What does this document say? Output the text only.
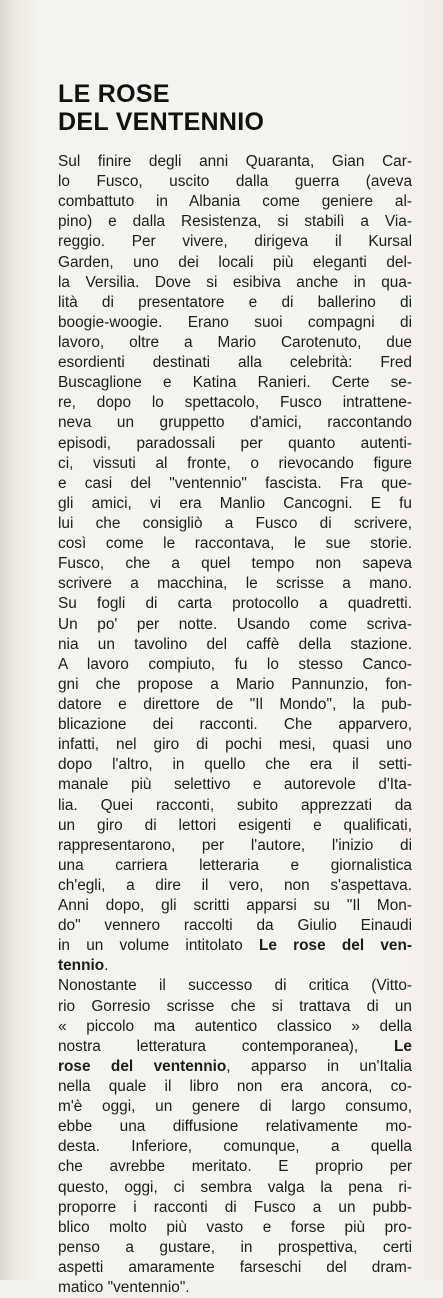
LE ROSE
DEL VENTENNIO
Sul finire degli anni Quaranta, Gian Car-
lo Fusco, uscito dalla guerra (aveva
combattuto in Albania come geniere al-
pino) e dalla Resistenza, si stabilì a Via-
reggio. Per vivere, dirigeva il Kursal
Garden, uno dei locali più eleganti del-
la Versilia. Dove si esibiva anche in qua-
lità di presentatore e di ballerino di
boogie-woogie. Erano suoi compagni di
lavoro, oltre a Mario Carotenuto, due
esordienti destinati alla celebrità: Fred
Buscaglione e Katina Ranieri. Certe se-
re, dopo lo spettacolo, Fusco intrattene-
neva un gruppetto d'amici, raccontando
episodi, paradossali per quanto autenti-
ci, vissuti al fronte, o rievocando figure
e casi del "ventennio" fascista. Fra que-
gli amici, vi era Manlio Cancogni. E fu
lui che consigliò a Fusco di scrivere,
così come le raccontava, le sue storie.
Fusco, che a quel tempo non sapeva
scrivere a macchina, le scrisse a mano.
Su fogli di carta protocollo a quadretti.
Un po' per notte. Usando come scriva-
nia un tavolino del caffè della stazione.
A lavoro compiuto, fu lo stesso Canco-
gni che propose a Mario Pannunzio, fon-
datore e direttore de "Il Mondo", la pub-
blicazione dei racconti. Che apparvero,
infatti, nel giro di pochi mesi, quasi uno
dopo l'altro, in quello che era il setti-
manale più selettivo e autorevole d'Ita-
lia. Quei racconti, subito apprezzati da
un giro di lettori esigenti e qualificati,
rappresentarono, per l'autore, l'inizio di
una carriera letteraria e giornalistica
ch'egli, a dire il vero, non s'aspettava.
Anni dopo, gli scritti apparsi su "Il Mon-
do" vennero raccolti da Giulio Einaudi
in un volume intitolato Le rose del ven-
tennio.
Nonostante il successo di critica (Vitto-
rio Gorresio scrisse che si trattava di un
« piccolo ma autentico classico » della
nostra letteratura contemporanea), Le
rose del ventennio, apparso in un'Italia
nella quale il libro non era ancora, co-
m'è oggi, un genere di largo consumo,
ebbe una diffusione relativamente mo-
desta. Inferiore, comunque, a quella
che avrebbe meritato. E proprio per
questo, oggi, ci sembra valga la pena ri-
proporre i racconti di Fusco a un pubb-
blico molto più vasto e forse più pro-
penso a gustare, in prospettiva, certi
aspetti amaramente farseschi del dram-
matico "ventennio".
